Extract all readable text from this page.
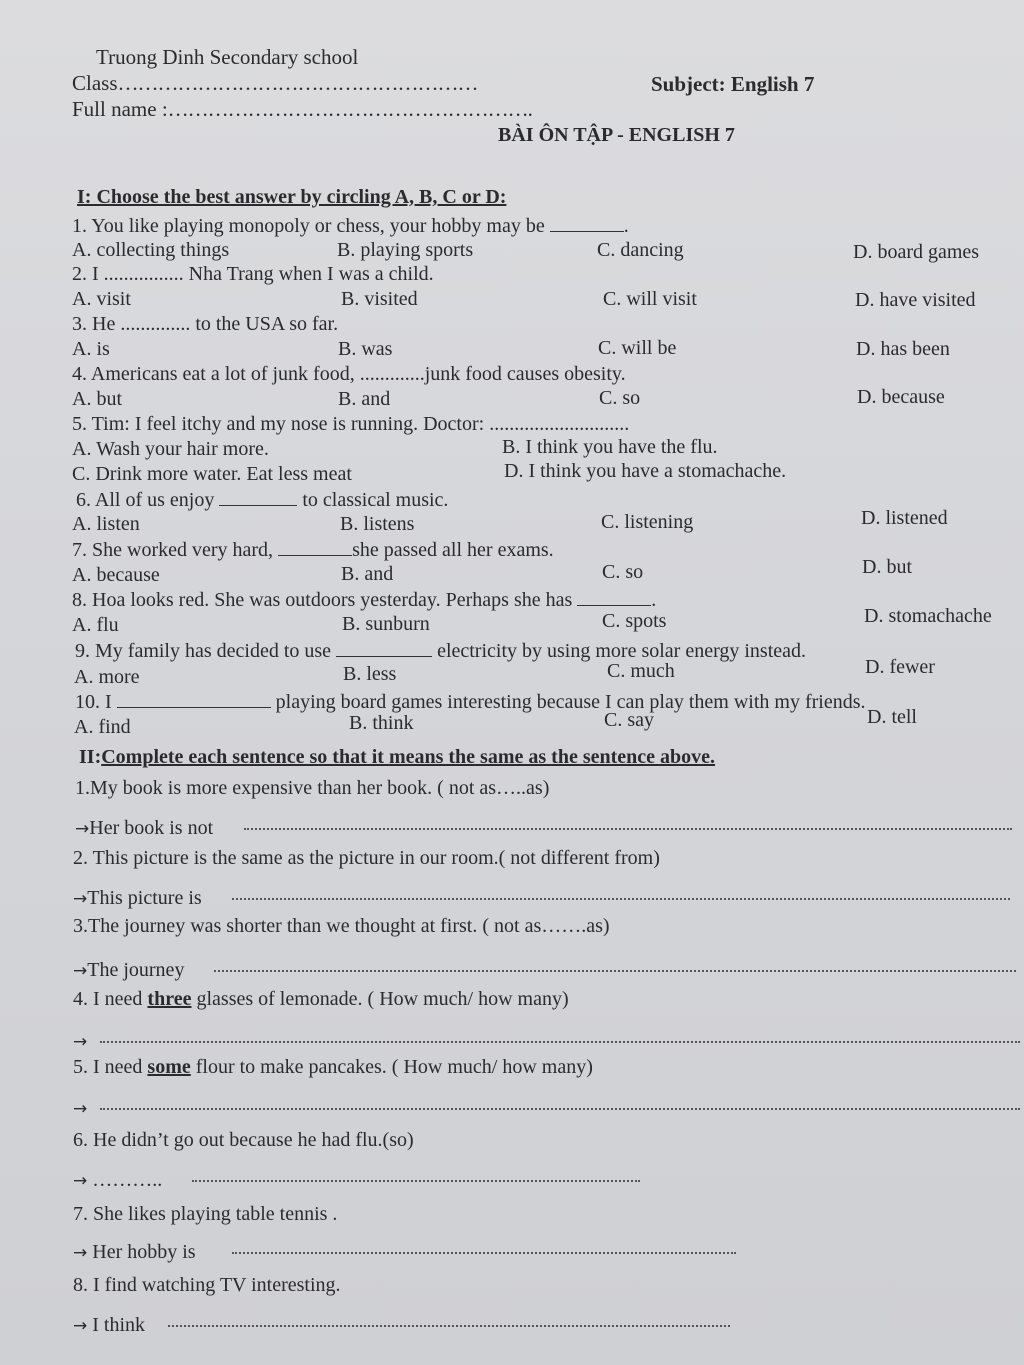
Truong Dinh Secondary school
Class………………………………………………	Subject: English 7
Full name :……………………………………………….
BÀI ÔN TẬP - ENGLISH 7
I: Choose the best answer by circling A, B, C or D:
1. You like playing monopoly or chess, your hobby may be	.
A. collecting things	B. playing sports	C. dancing	D. board games
2. I ................ Nha Trang when I was a child.
A. visit	B. visited	C. will visit	D. have visited
3. He .............. to the USA so far.
A. is	B. was	C. will be	D. has been
4. Americans eat a lot of junk food, .............junk food causes obesity.
A. but	B. and	C. so	D. because
5. Tim: I feel itchy and my nose is running. Doctor: ............................
A. Wash your hair more.	B. I think you have the flu.
C. Drink more water. Eat less meat	D. I think you have a stomachache.
6. All of us enjoy	to classical music.
A. listen	B. listens	C. listening	D. listened
7. She worked very hard,	she passed all her exams.
A. because	B. and	C. so	D. but
8. Hoa looks red. She was outdoors yesterday. Perhaps she has	.
A. flu	B. sunburn	C. spots	D. stomachache
9. My family has decided to use	electricity by using more solar energy instead.
A. more	B. less	C. much	D. fewer
10. I	playing board games interesting because I can play them with my friends.
A. find	B. think	C. say	D. tell
II:Complete each sentence so that it means the same as the sentence above.
1.My book is more expensive than her book. ( not as…..as)
→Her book is not
2. This picture is the same as the picture in our room.( not different from)
→This picture is
3.The journey was shorter than we thought at first. ( not as…….as)
→The journey
4. I need three glasses of lemonade. ( How much/ how many)
→
5. I need some flour to make pancakes. ( How much/ how many)
→
6. He didn’t go out because he had flu.(so)
→ ………..
7. She likes playing table tennis .
→ Her hobby is
8. I find watching TV interesting.
→ I think
